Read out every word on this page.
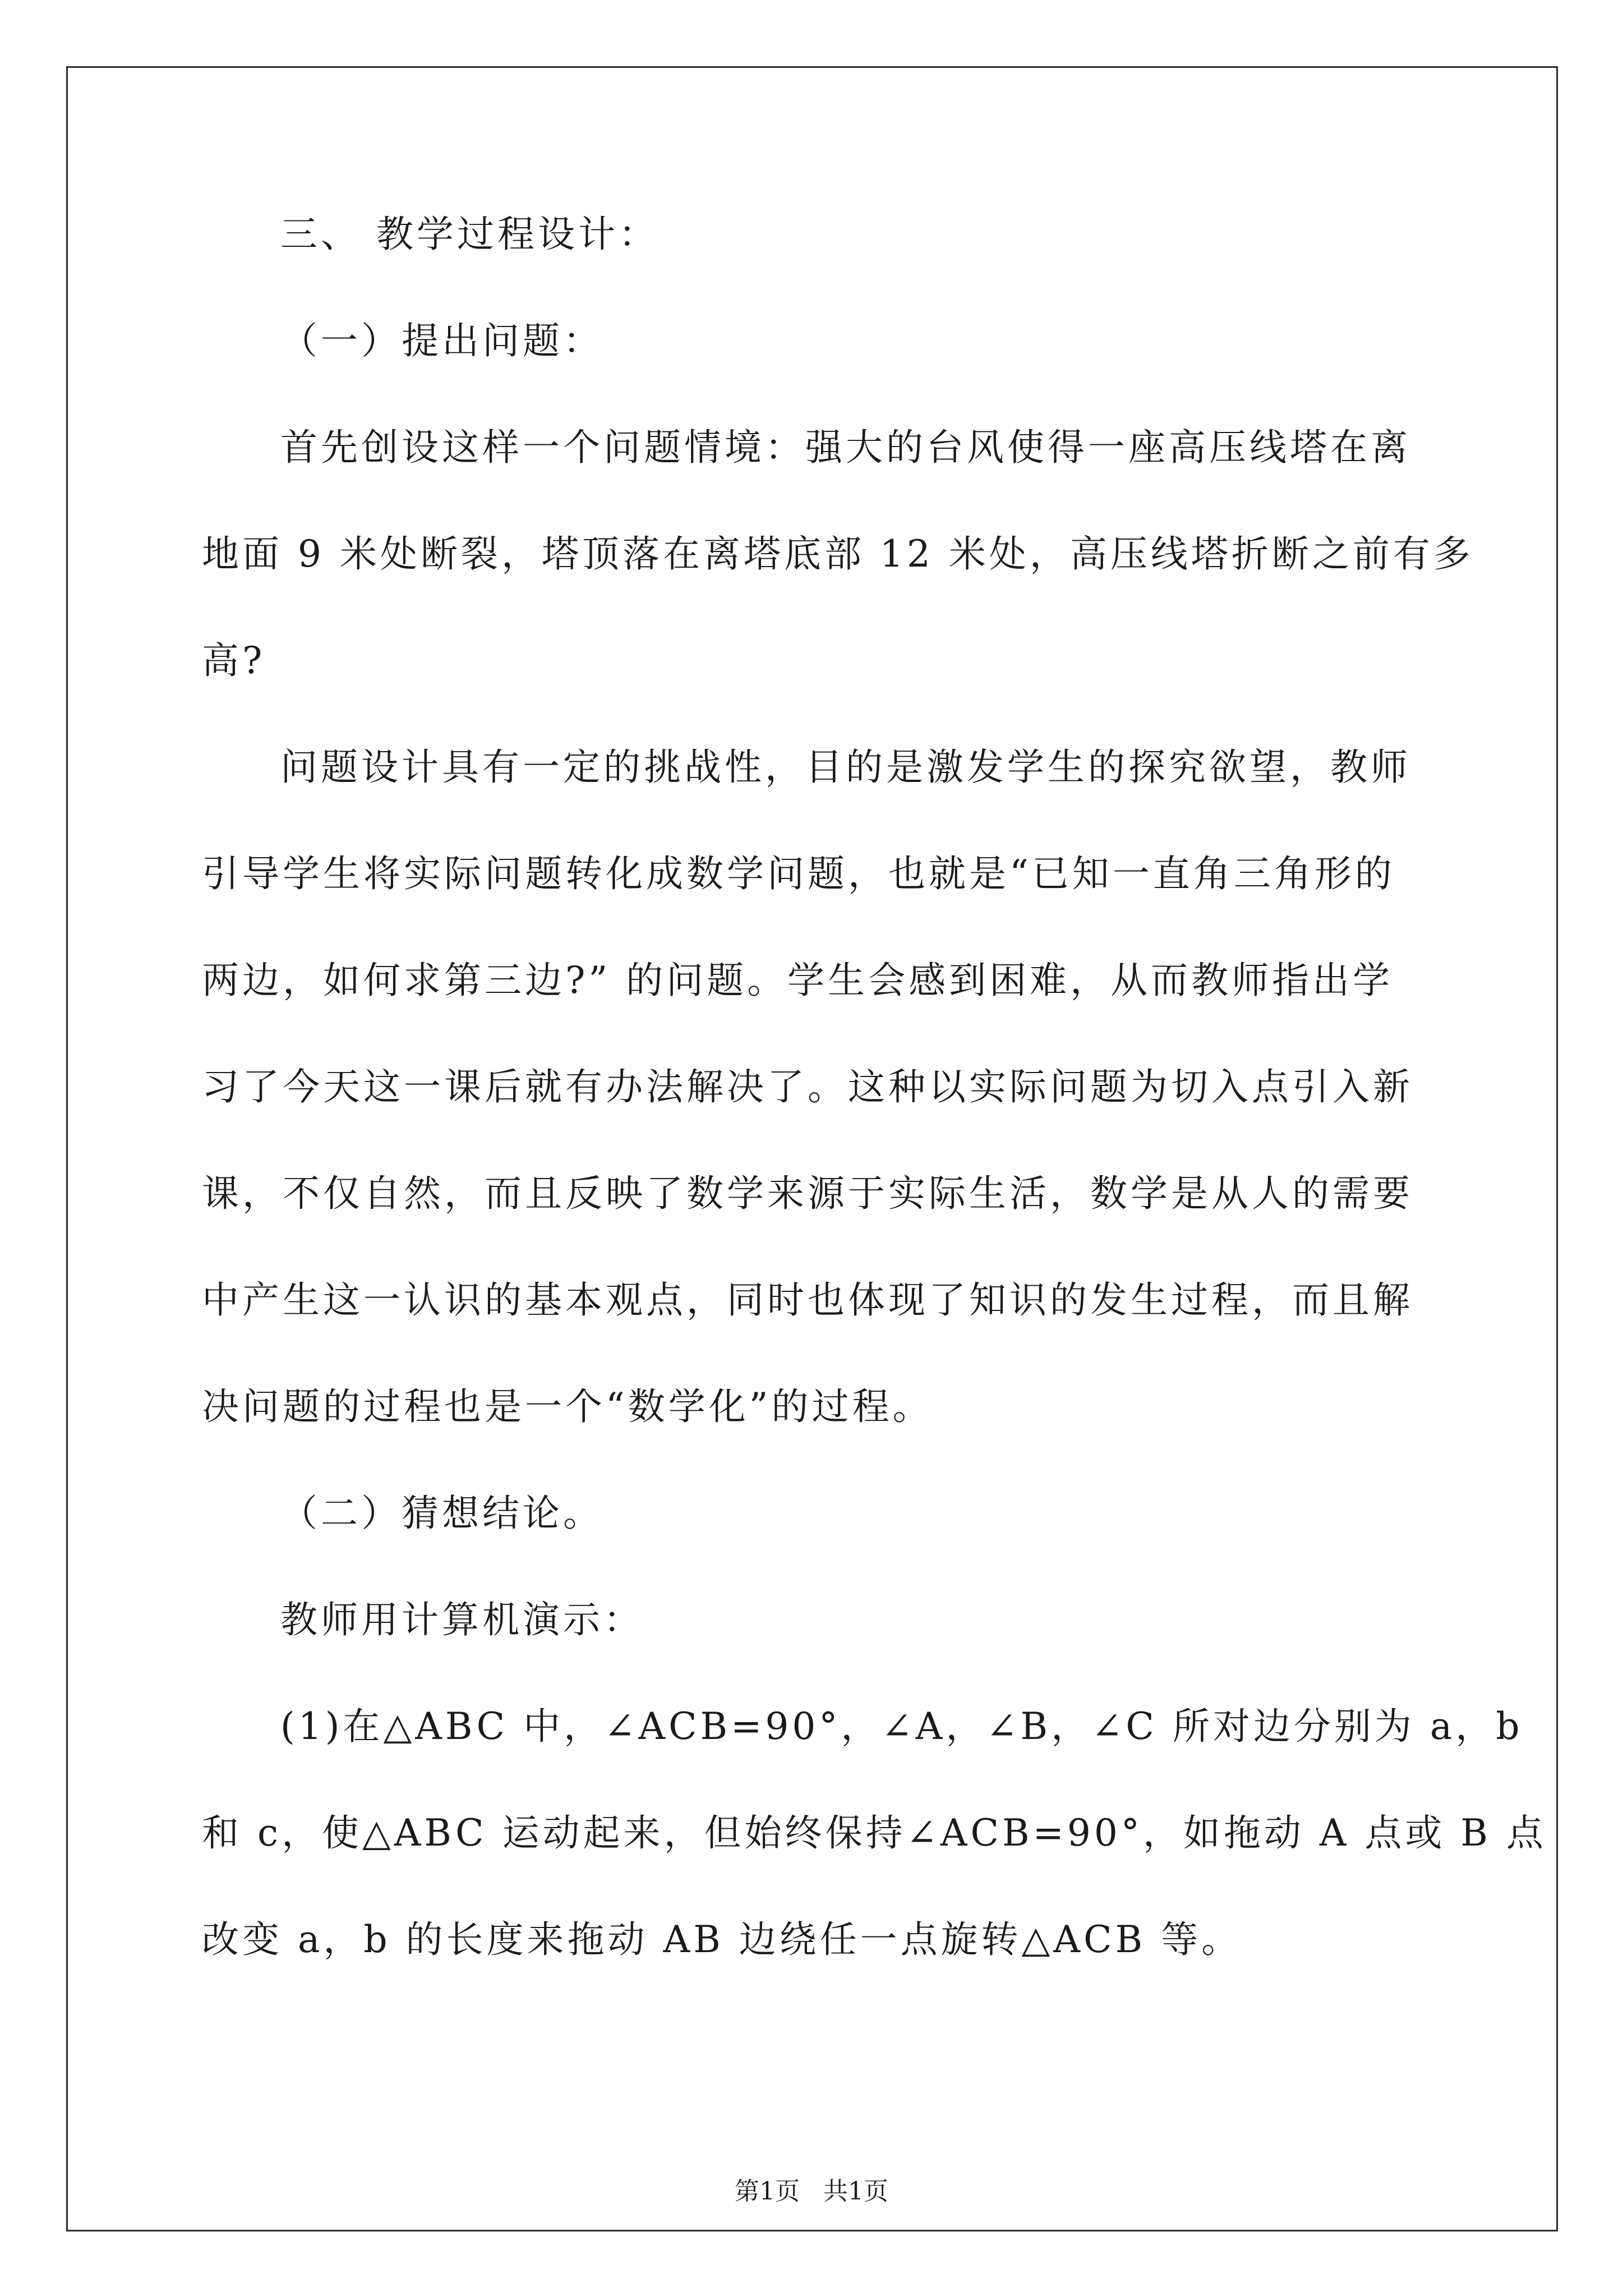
三、 教学过程设计：
（一）提出问题：
首先创设这样一个问题情境：强大的台风使得一座高压线塔在离
地面 9 米处断裂，塔顶落在离塔底部 12 米处，高压线塔折断之前有多
高?
问题设计具有一定的挑战性，目的是激发学生的探究欲望，教师
引导学生将实际问题转化成数学问题，也就是“已知一直角三角形的
两边，如何求第三边?” 的问题。学生会感到困难，从而教师指出学
习了今天这一课后就有办法解决了。这种以实际问题为切入点引入新
课，不仅自然，而且反映了数学来源于实际生活，数学是从人的需要
中产生这一认识的基本观点，同时也体现了知识的发生过程，而且解
决问题的过程也是一个“数学化”的过程。
（二）猜想结论。
教师用计算机演示：
(1)在△ABC 中，∠ACB=90°，∠A，∠B，∠C 所对边分别为 a，b
和 c，使△ABC 运动起来，但始终保持∠ACB=90°，如拖动 A 点或 B 点
改变 a，b 的长度来拖动 AB 边绕任一点旋转△ACB 等。
第1页 共1页
